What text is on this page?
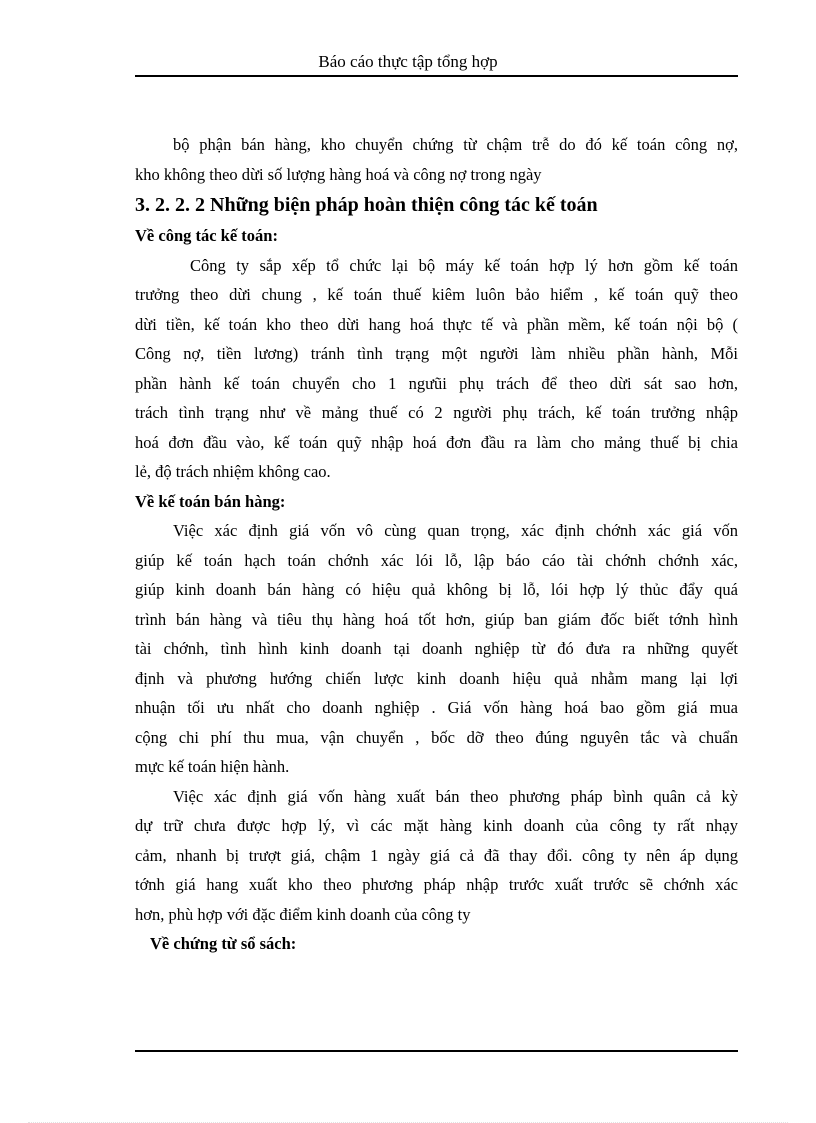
Báo cáo thực tập tổng hợp
bộ phận bán hàng, kho chuyển chứng từ chậm trễ do đó kế toán công nợ,
kho không theo dừi số lượng hàng hoá và công nợ trong ngày
3. 2. 2. 2 Những biện pháp hoàn thiện công tác kế toán
Về công tác kế toán:
Công ty sắp xếp tổ chức lại bộ máy kế toán hợp lý hơn gồm kế toán
trưởng theo dừi chung , kế toán thuế kiêm luôn bảo hiểm , kế toán quỹ theo
dừi tiền, kế toán kho theo dừi hang hoá thực tế và phần mềm, kế toán nội bộ (
Công nợ, tiền lương) tránh tình trạng một người làm nhiều phần hành, Mỗi
phần hành kế toán chuyển cho 1 ngưũi phụ trách để theo dừi sát sao hơn,
trách tình trạng như về mảng thuế có 2 người phụ trách, kế toán trưởng nhập
hoá đơn đầu vào, kế toán quỹ nhập hoá đơn đầu ra làm cho mảng thuế bị chia
lẻ, độ trách nhiệm không cao.
Về kế toán bán hàng:
Việc xác định giá vốn vô cùng quan trọng, xác định chớnh xác giá vốn
giúp kế toán hạch toán chớnh xác lói lỗ, lập báo cáo tài chớnh chớnh xác,
giúp kinh doanh bán hàng có hiệu quả không bị lỗ, lói hợp lý thủc đẩy quá
trình bán hàng và tiêu thụ hàng hoá tốt hơn, giúp ban giám đốc biết tớnh hình
tài chớnh, tình hình kinh doanh tại doanh nghiệp từ đó đưa ra những quyết
định và phương hướng chiến lược kinh doanh hiệu quả nhằm mang lại lợi
nhuận tối ưu nhất cho doanh nghiệp . Giá vốn hàng hoá bao gồm giá mua
cộng chi phí thu mua, vận chuyển , bốc dỡ theo đúng nguyên tắc và chuẩn
mực kế toán hiện hành.
Việc xác định giá vốn hàng xuất bán theo phương pháp bình quân cả kỳ
dự trữ chưa được hợp lý, vì các mặt hàng kinh doanh của công ty rất nhạy
cảm, nhanh bị trượt giá, chậm 1 ngày giá cả đã thay đổi. công ty nên áp dụng
tớnh giá hang xuất kho theo phương pháp nhập trước xuất trước sẽ chớnh xác
hơn, phù hợp với đặc điểm kinh doanh của công ty
Về chứng từ sổ sách:
